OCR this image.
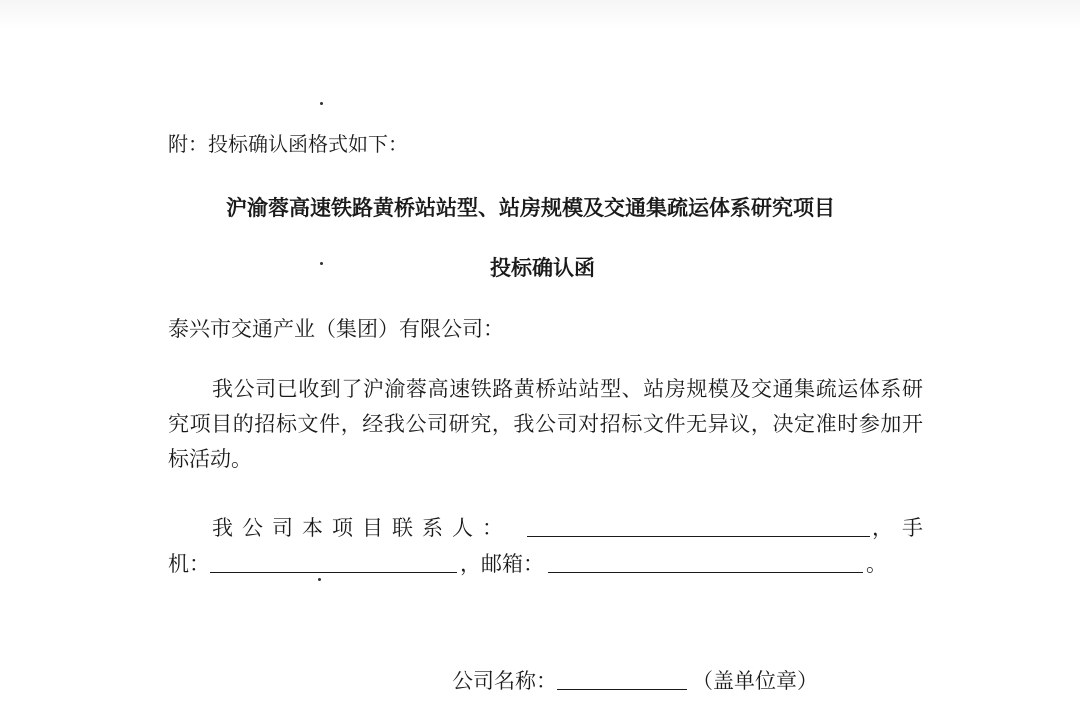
附：投标确认函格式如下：
沪渝蓉高速铁路黄桥站站型、站房规模及交通集疏运体系研究项目
投标确认函
泰兴市交通产业（集团）有限公司：
我公司已收到了沪渝蓉高速铁路黄桥站站型、站房规模及交通集疏运体系研究项目的招标文件，经我公司研究，我公司对招标文件无异议，决定准时参加开标活动。
我公司本项目联系人：	， 手
机：	，邮箱：	。
公司名称：	（盖单位章）
